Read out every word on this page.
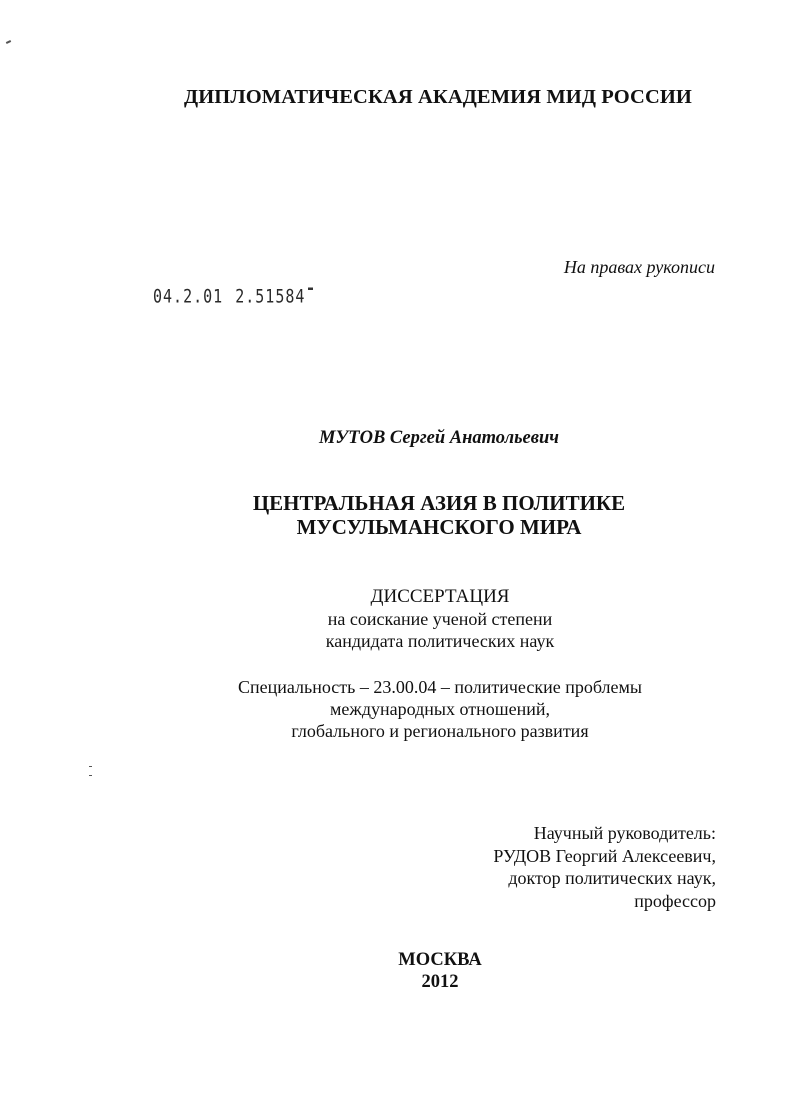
ДИПЛОМАТИЧЕСКАЯ АКАДЕМИЯ МИД РОССИИ
На правах рукописи
04.2.01 2.51584
МУТОВ Сергей Анатольевич
ЦЕНТРАЛЬНАЯ АЗИЯ В ПОЛИТИКЕ
МУСУЛЬМАНСКОГО МИРА
ДИССЕРТАЦИЯ
на соискание ученой степени
кандидата политических наук
Специальность – 23.00.04 – политические проблемы
международных отношений,
глобального и регионального развития
Научный руководитель:
РУДОВ Георгий Алексеевич,
доктор политических наук,
профессор
МОСКВА
2012
